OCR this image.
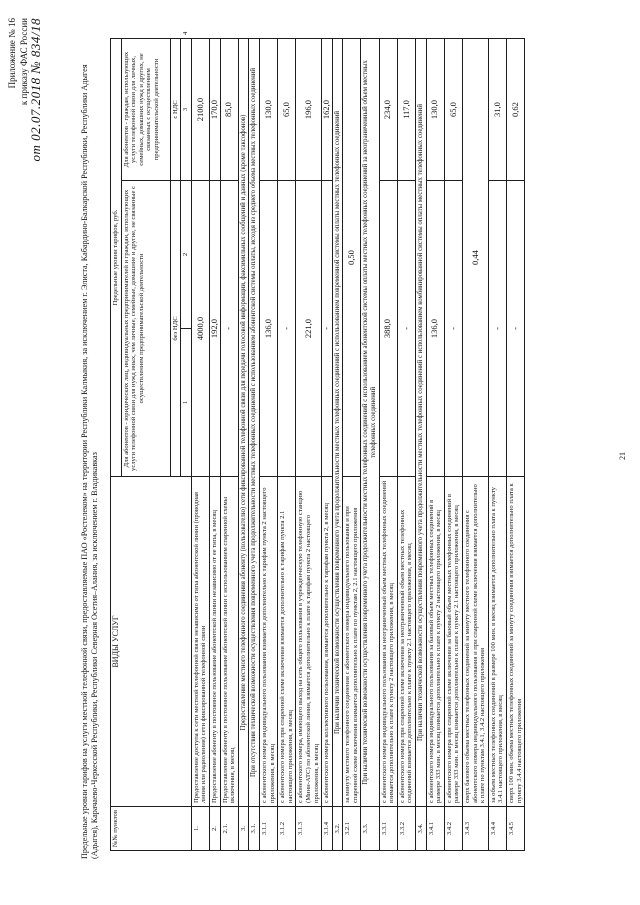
Приложение № 16 к приказу ФАС России от 02.07.2018 № 834/18	Предельные уровни тарифов на услуги местной телефонной связи, предоставляемые ПАО «Ростелеком» на территории Республики Калмыкия, за исключением г. Элиста, Кабардино-Балкарской Республики, Республики Адыгея (Адыгея), Карачаево-Черкесской Республики, Республики Северная Осетия–Алания, за исключением г. Владикавказ №№ пунктов	ВИДЫ УСЛУГ	Предельные уровни тарифов, руб.			
		Для абонентов - юридических лиц, индивидуальных предпринимателей и граждан, использующих услуги телефонной связи для нужд иных, чем личные, семейные, домашние и другие, не связанные с осуществлением предпринимательской деятельности		Для абонентов - граждан, использующих услуги телефонной связи для личных, семейных, домашних нужд и других, не связанных с осуществлением предпринимательской деятельности	
		без НДС		с НДС	
		1	2	3	4
1.	Предоставление доступа к сети местной телефонной связи независимо от типа абонентской линии (проводная линия или радиолиния) сети фиксированной телефонной связи	4000,0		2100,0	
2.	Предоставление абоненту в постоянное пользование абонентской линии независимо от ее типа, в месяц	192,0		170,0	
2.1.	Предоставление абоненту в постоянное пользование абонентской линии с использованием спаренной схемы включения, в месяц	-		85,0	
3.	Предоставление местного телефонного соединения абоненту (пользователю) сети фиксированной телефонной связи для передачи голосовой информации, факсимильных сообщений и данных (кроме таксофонов)				
3.1.	При отсутствии технической возможности осуществления повременного учета продолжительности местных телефонных соединений с использованием абонентской системы оплаты, исходя из среднего объема местных телефонных соединений				
3.1.1	с абонентского номера индивидуального пользования взимается дополнительно к тарифам пункта 2 настоящего приложения, в месяц	136,0		130,0	
3.1.2	с абонентского номера при спаренной схеме включения взимается дополнительно к тарифам пункта 2.1 настоящего приложения, в месяц	-		65,0	
3.1.3	с абонентского номера, имеющего выход на сеть общего пользования в учрежденческую телефонную станцию (Мини-АТС) по абонентской линии, взимается дополнительно к плате к тарифам пункта 2 настоящего приложения, в месяц	221,0		196,0	
3.1.4	с абонентского номера коллективного пользования, взимается дополнительно к тарифам пункта 2, в месяц	-		162,0	
3.2.	При наличии технической возможности осуществления повременного учета продолжительности местных телефонных соединений с использованием повременной системы оплаты местных телефонных соединений				
3.2.1	за минуту местного телефонного соединения с абонентского номера индивидуального пользования и при спаренной схеме включения взимается дополнительно к плате по пунктам 2, 2.1 настоящего приложения	0,50			
3.3.	При наличии технической возможности осуществления повременного учета продолжительности местных телефонных соединений с использованием абонентской системы оплаты местных телефонных соединений за неограниченный объем местных телефонных соединений				
3.3.1	с абонентского номера индивидуального пользования за неограниченный объем местных телефонных соединений взимается дополнительно к плате к пункту 2 настоящего приложения, в месяц	388,0		234,0	
3.3.2	с абонентского номера при спаренной схеме включения за неограниченный объем местных телефонных соединений взимается дополнительно к плате к пункту 2.1 настоящего приложения, в месяц	-		117,0	
3.4.	При наличии технической возможности осуществления повременного учета продолжительности местных телефонных соединений с использованием комбинированной системы оплаты местных телефонных соединений				
3.4.1	с абонентского номера индивидуального пользования за базовый объем местных телефонных соединений в размере 333 мин. в месяц взимается дополнительно к плате к пункту 2 настоящего приложения, в месяц	136,0		130,0	
3.4.2	с абонентского номера при спаренной схеме включения за базовый объем местных телефонных соединений в размере 333 мин. в месяц взимается дополнительно к плате к пункту 2.1 настоящего приложения, в месяц	-		65,0	
3.4.3	сверх базового объема местных телефонных соединений за минуту местного телефонного соединения с абонентского номера индивидуального пользования и при спаренной схеме включения взимается дополнительно к плате по пунктам 3.4.1, 3.4.2 настоящего приложения	0,44			
3.4.4	за объем местных телефонных соединений в размере 100 мин. в месяц взимается дополнительно плата к пункту 3.4.1 настоящего приложения, в месяц	-		31,0	
3.4.5	сверх 100 мин. объема местных телефонных соединений за минуту соединения взимается дополнительно плата к пункту 3.4.4 настоящего приложения	-		0,62	
21
